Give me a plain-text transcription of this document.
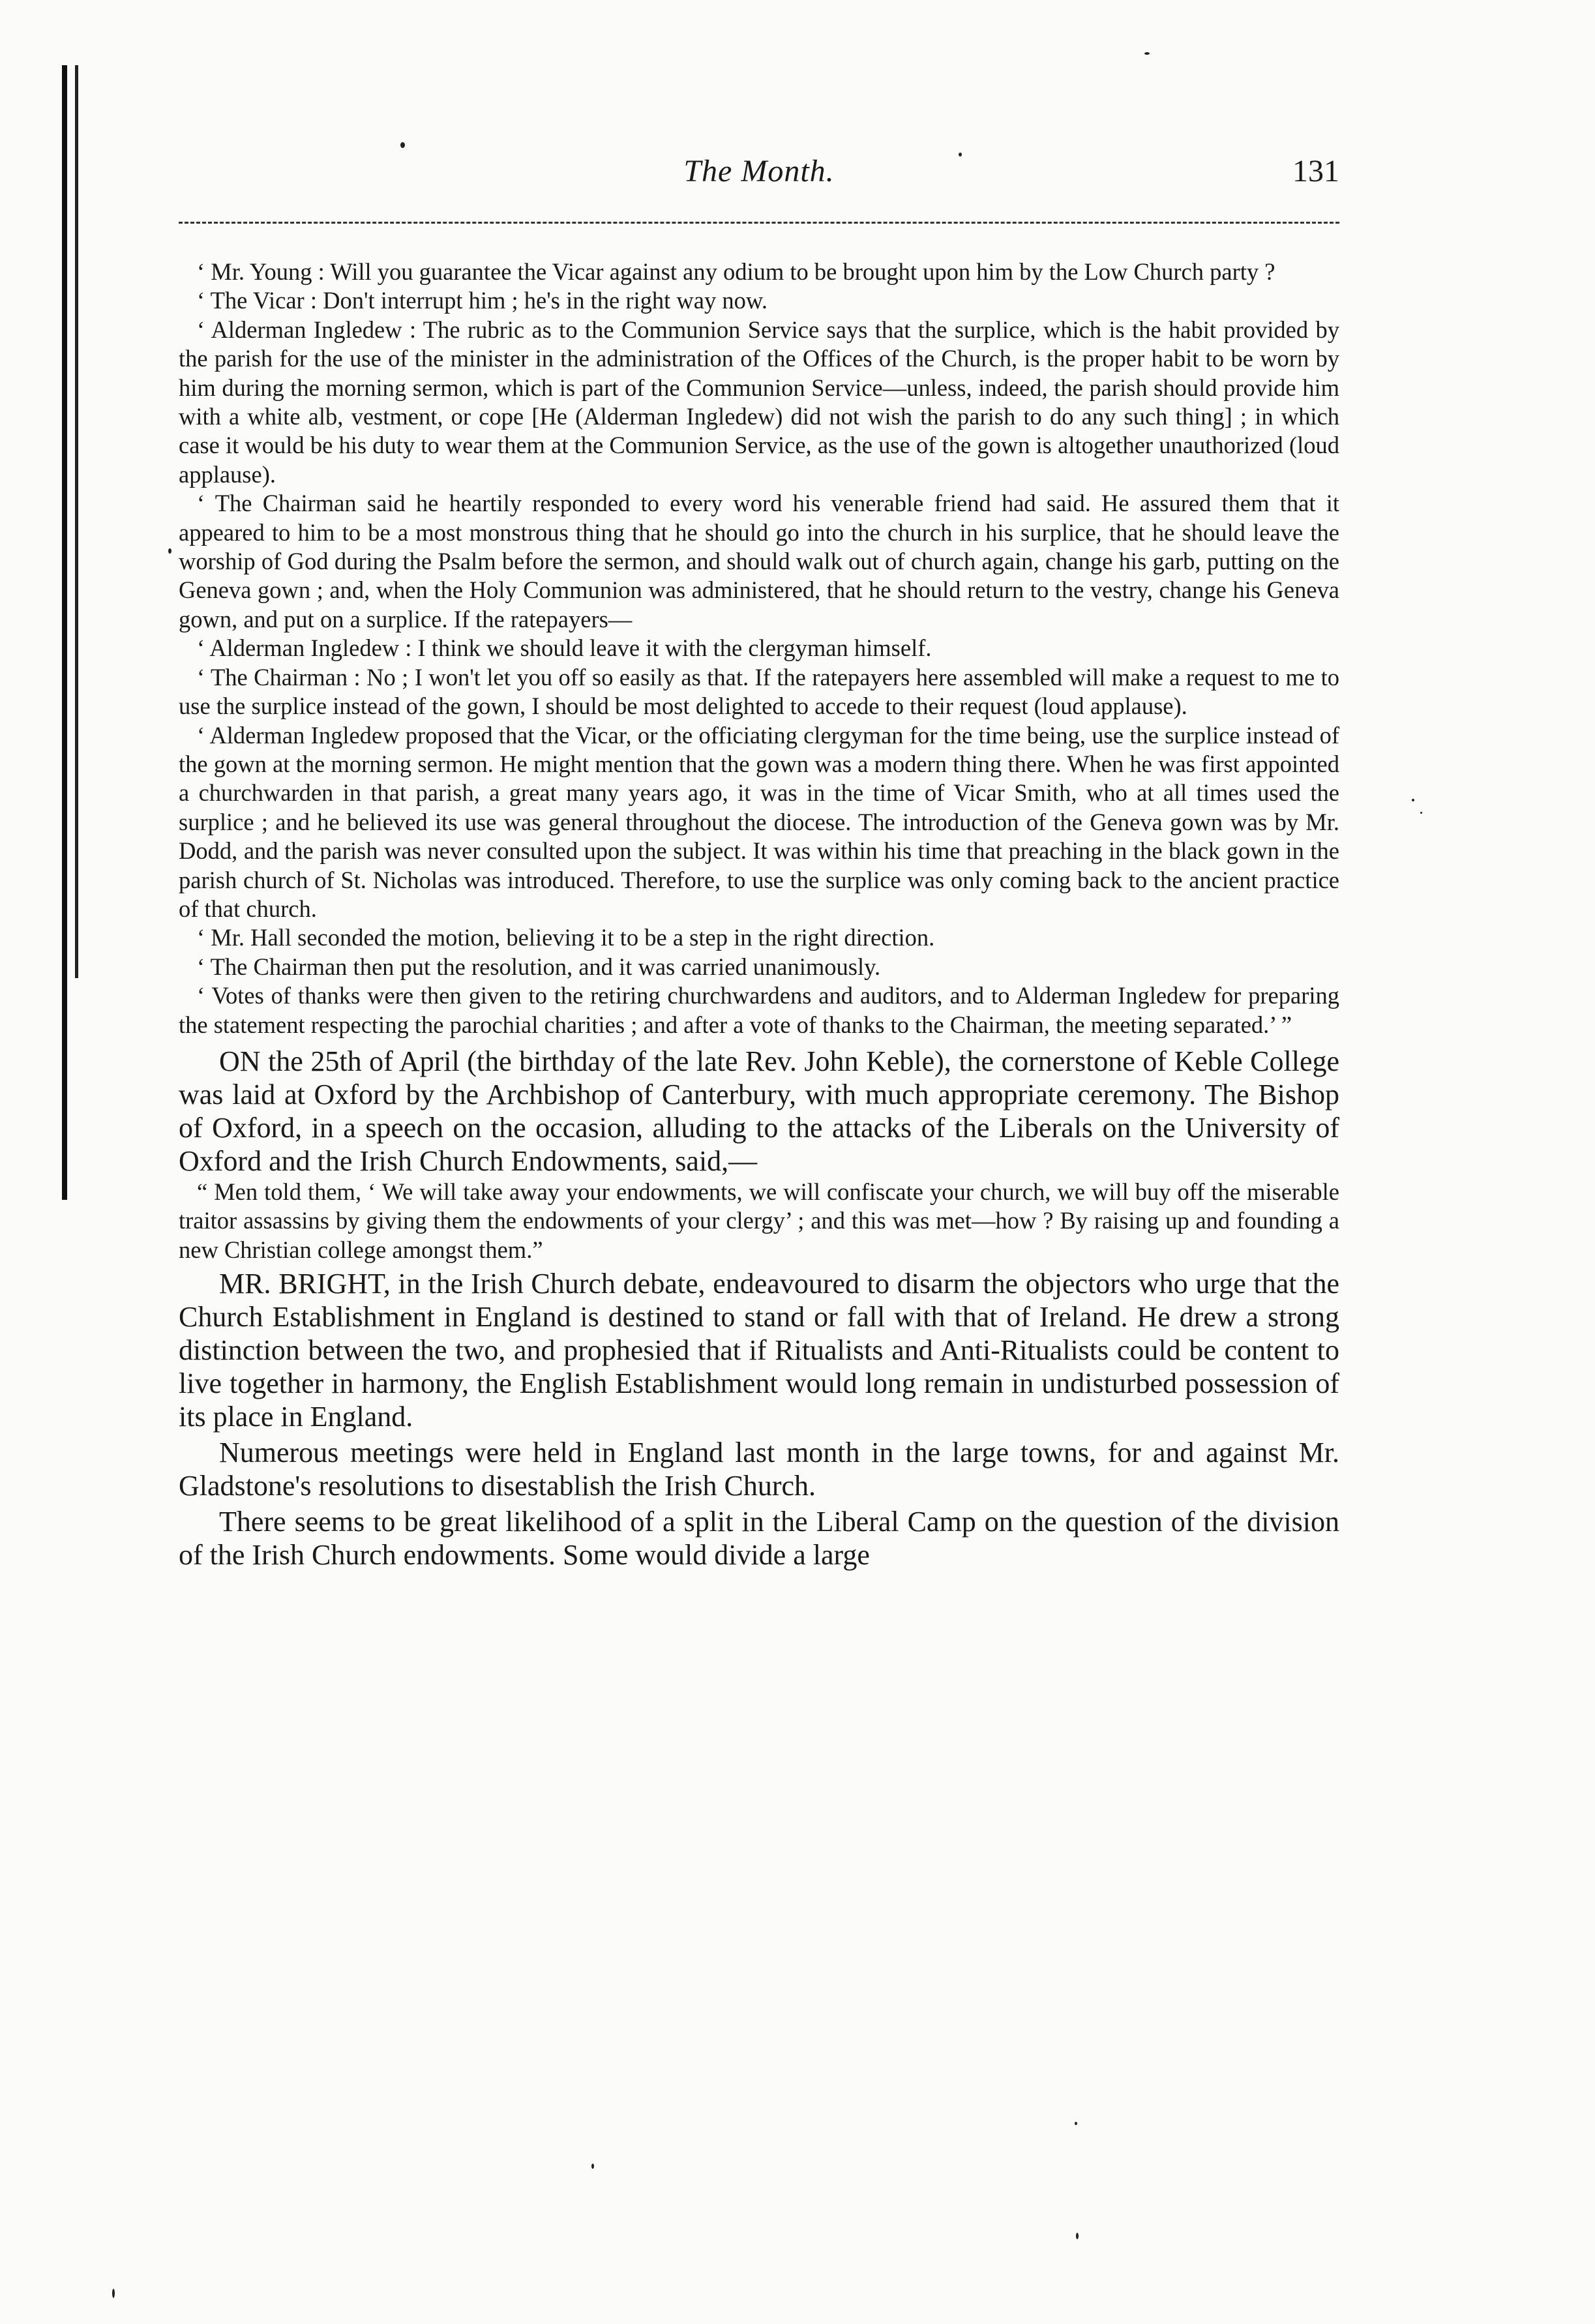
The Month.	131

‘ Mr. Young : Will you guarantee the Vicar against any odium to be brought upon him by the Low Church party ?

‘ The Vicar : Don't interrupt him ; he's in the right way now.

‘ Alderman Ingledew : The rubric as to the Communion Service says that the surplice, which is the habit provided by the parish for the use of the minister in the administration of the Offices of the Church, is the proper habit to be worn by him during the morning sermon, which is part of the Communion Service—unless, indeed, the parish should provide him with a white alb, vestment, or cope [He (Alderman Ingledew) did not wish the parish to do any such thing] ; in which case it would be his duty to wear them at the Communion Service, as the use of the gown is altogether unauthorized (loud applause).

‘ The Chairman said he heartily responded to every word his venerable friend had said. He assured them that it appeared to him to be a most monstrous thing that he should go into the church in his surplice, that he should leave the worship of God during the Psalm before the sermon, and should walk out of church again, change his garb, putting on the Geneva gown ; and, when the Holy Communion was administered, that he should return to the vestry, change his Geneva gown, and put on a surplice. If the ratepayers—

‘ Alderman Ingledew : I think we should leave it with the clergyman himself.

‘ The Chairman : No ; I won't let you off so easily as that. If the ratepayers here assembled will make a request to me to use the surplice instead of the gown, I should be most delighted to accede to their request (loud applause).

‘ Alderman Ingledew proposed that the Vicar, or the officiating clergyman for the time being, use the surplice instead of the gown at the morning sermon. He might mention that the gown was a modern thing there. When he was first appointed a churchwarden in that parish, a great many years ago, it was in the time of Vicar Smith, who at all times used the surplice ; and he believed its use was general throughout the diocese. The introduction of the Geneva gown was by Mr. Dodd, and the parish was never consulted upon the subject. It was within his time that preaching in the black gown in the parish church of St. Nicholas was introduced. Therefore, to use the surplice was only coming back to the ancient practice of that church.

‘ Mr. Hall seconded the motion, believing it to be a step in the right direction.

‘ The Chairman then put the resolution, and it was carried unanimously.

‘ Votes of thanks were then given to the retiring churchwardens and auditors, and to Alderman Ingledew for preparing the statement respecting the parochial charities ; and after a vote of thanks to the Chairman, the meeting separated.’ ”

ON the 25th of April (the birthday of the late Rev. John Keble), the cornerstone of Keble College was laid at Oxford by the Archbishop of Canterbury, with much appropriate ceremony. The Bishop of Oxford, in a speech on the occasion, alluding to the attacks of the Liberals on the University of Oxford and the Irish Church Endowments, said,—

“ Men told them, ‘ We will take away your endowments, we will confiscate your church, we will buy off the miserable traitor assassins by giving them the endowments of your clergy’ ; and this was met—how ? By raising up and founding a new Christian college amongst them.”

MR. BRIGHT, in the Irish Church debate, endeavoured to disarm the objectors who urge that the Church Establishment in England is destined to stand or fall with that of Ireland. He drew a strong distinction between the two, and prophesied that if Ritualists and Anti-Ritualists could be content to live together in harmony, the English Establishment would long remain in undisturbed possession of its place in England.

Numerous meetings were held in England last month in the large towns, for and against Mr. Gladstone's resolutions to disestablish the Irish Church.

There seems to be great likelihood of a split in the Liberal Camp on the question of the division of the Irish Church endowments. Some would divide a large
